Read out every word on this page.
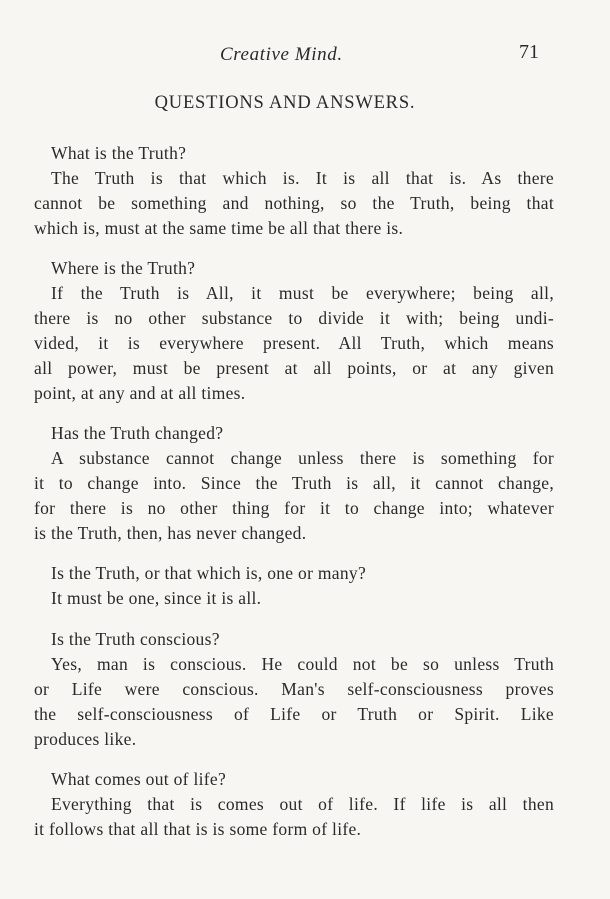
Creative Mind.	71
QUESTIONS AND ANSWERS.
What is the Truth?
The Truth is that which is. It is all that is. As there
cannot be something and nothing, so the Truth, being that
which is, must at the same time be all that there is.
Where is the Truth?
If the Truth is All, it must be everywhere; being all,
there is no other substance to divide it with; being undi-
vided, it is everywhere present. All Truth, which means
all power, must be present at all points, or at any given
point, at any and at all times.
Has the Truth changed?
A substance cannot change unless there is something for
it to change into. Since the Truth is all, it cannot change,
for there is no other thing for it to change into; whatever
is the Truth, then, has never changed.
Is the Truth, or that which is, one or many?
It must be one, since it is all.
Is the Truth conscious?
Yes, man is conscious. He could not be so unless Truth
or Life were conscious. Man's self-consciousness proves
the self-consciousness of Life or Truth or Spirit. Like
produces like.
What comes out of life?
Everything that is comes out of life. If life is all then
it follows that all that is is some form of life.
